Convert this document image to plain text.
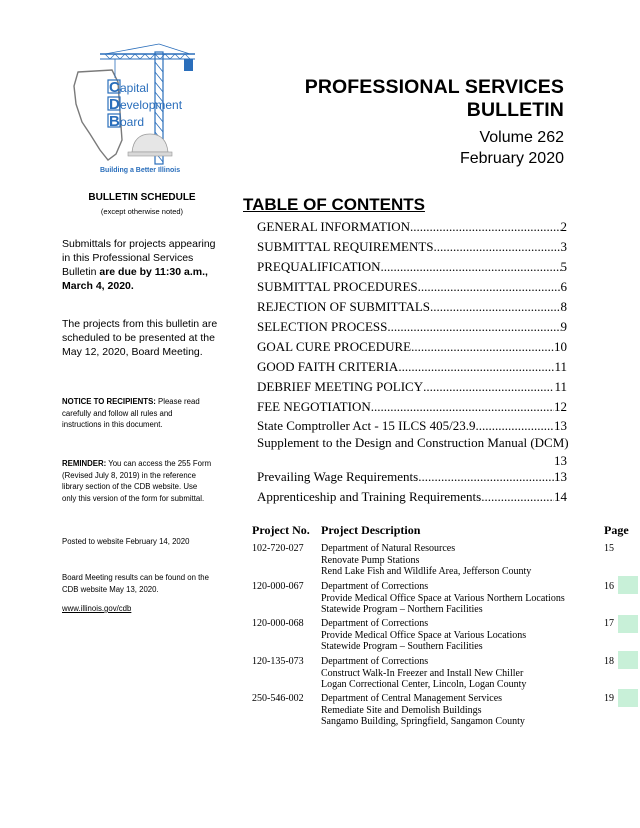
C
D
B
apital
evelopment
oard
Building a Better Illinois
PROFESSIONAL SERVICES BULLETIN
Volume 262
February 2020
BULLETIN SCHEDULE
(except otherwise noted)
Submittals for projects appearing in this Professional Services Bulletin are due by 11:30 a.m., March 4, 2020.
The projects from this bulletin are scheduled to be presented at the May 12, 2020, Board Meeting.
NOTICE TO RECIPIENTS: Please read carefully and follow all rules and instructions in this document.
REMINDER: You can access the 255 Form (Revised July 8, 2019) in the reference library section of the CDB website. Use only this version of the form for submittal.
Posted to website February 14, 2020
Board Meeting results can be found on the CDB website May 13, 2020.
www.illinois.gov/cdb
TABLE OF CONTENTS
GENERAL INFORMATION .....	2
SUBMITTAL REQUIREMENTS .....	3
PREQUALIFICATION .....	5
SUBMITTAL PROCEDURES .....	6
REJECTION OF SUBMITTALS .....	8
SELECTION PROCESS .....	9
GOAL CURE PROCEDURE .....	10
GOOD FAITH CRITERIA .....	11
DEBRIEF MEETING POLICY .....	11
FEE NEGOTIATION .....	12
State Comptroller Act - 15 ILCS 405/23.9 .....	13
Supplement to the Design and Construction Manual (DCM)
13
Prevailing Wage Requirements .....	13
Apprenticeship and Training Requirements .....	14
Project No. Project Description	Page
102-720-027 Department of Natural Resources
Renovate Pump Stations
Rend Lake Fish and Wildlife Area, Jefferson County
15
120-000-067 Department of Corrections
Provide Medical Office Space at Various Northern Locations
Statewide Program – Northern Facilities
16
120-000-068 Department of Corrections
Provide Medical Office Space at Various Locations
Statewide Program – Southern Facilities
17
120-135-073 Department of Corrections
Construct Walk-In Freezer and Install New Chiller
Logan Correctional Center, Lincoln, Logan County
18
250-546-002 Department of Central Management Services
Remediate Site and Demolish Buildings
Sangamo Building, Springfield, Sangamon County
19
